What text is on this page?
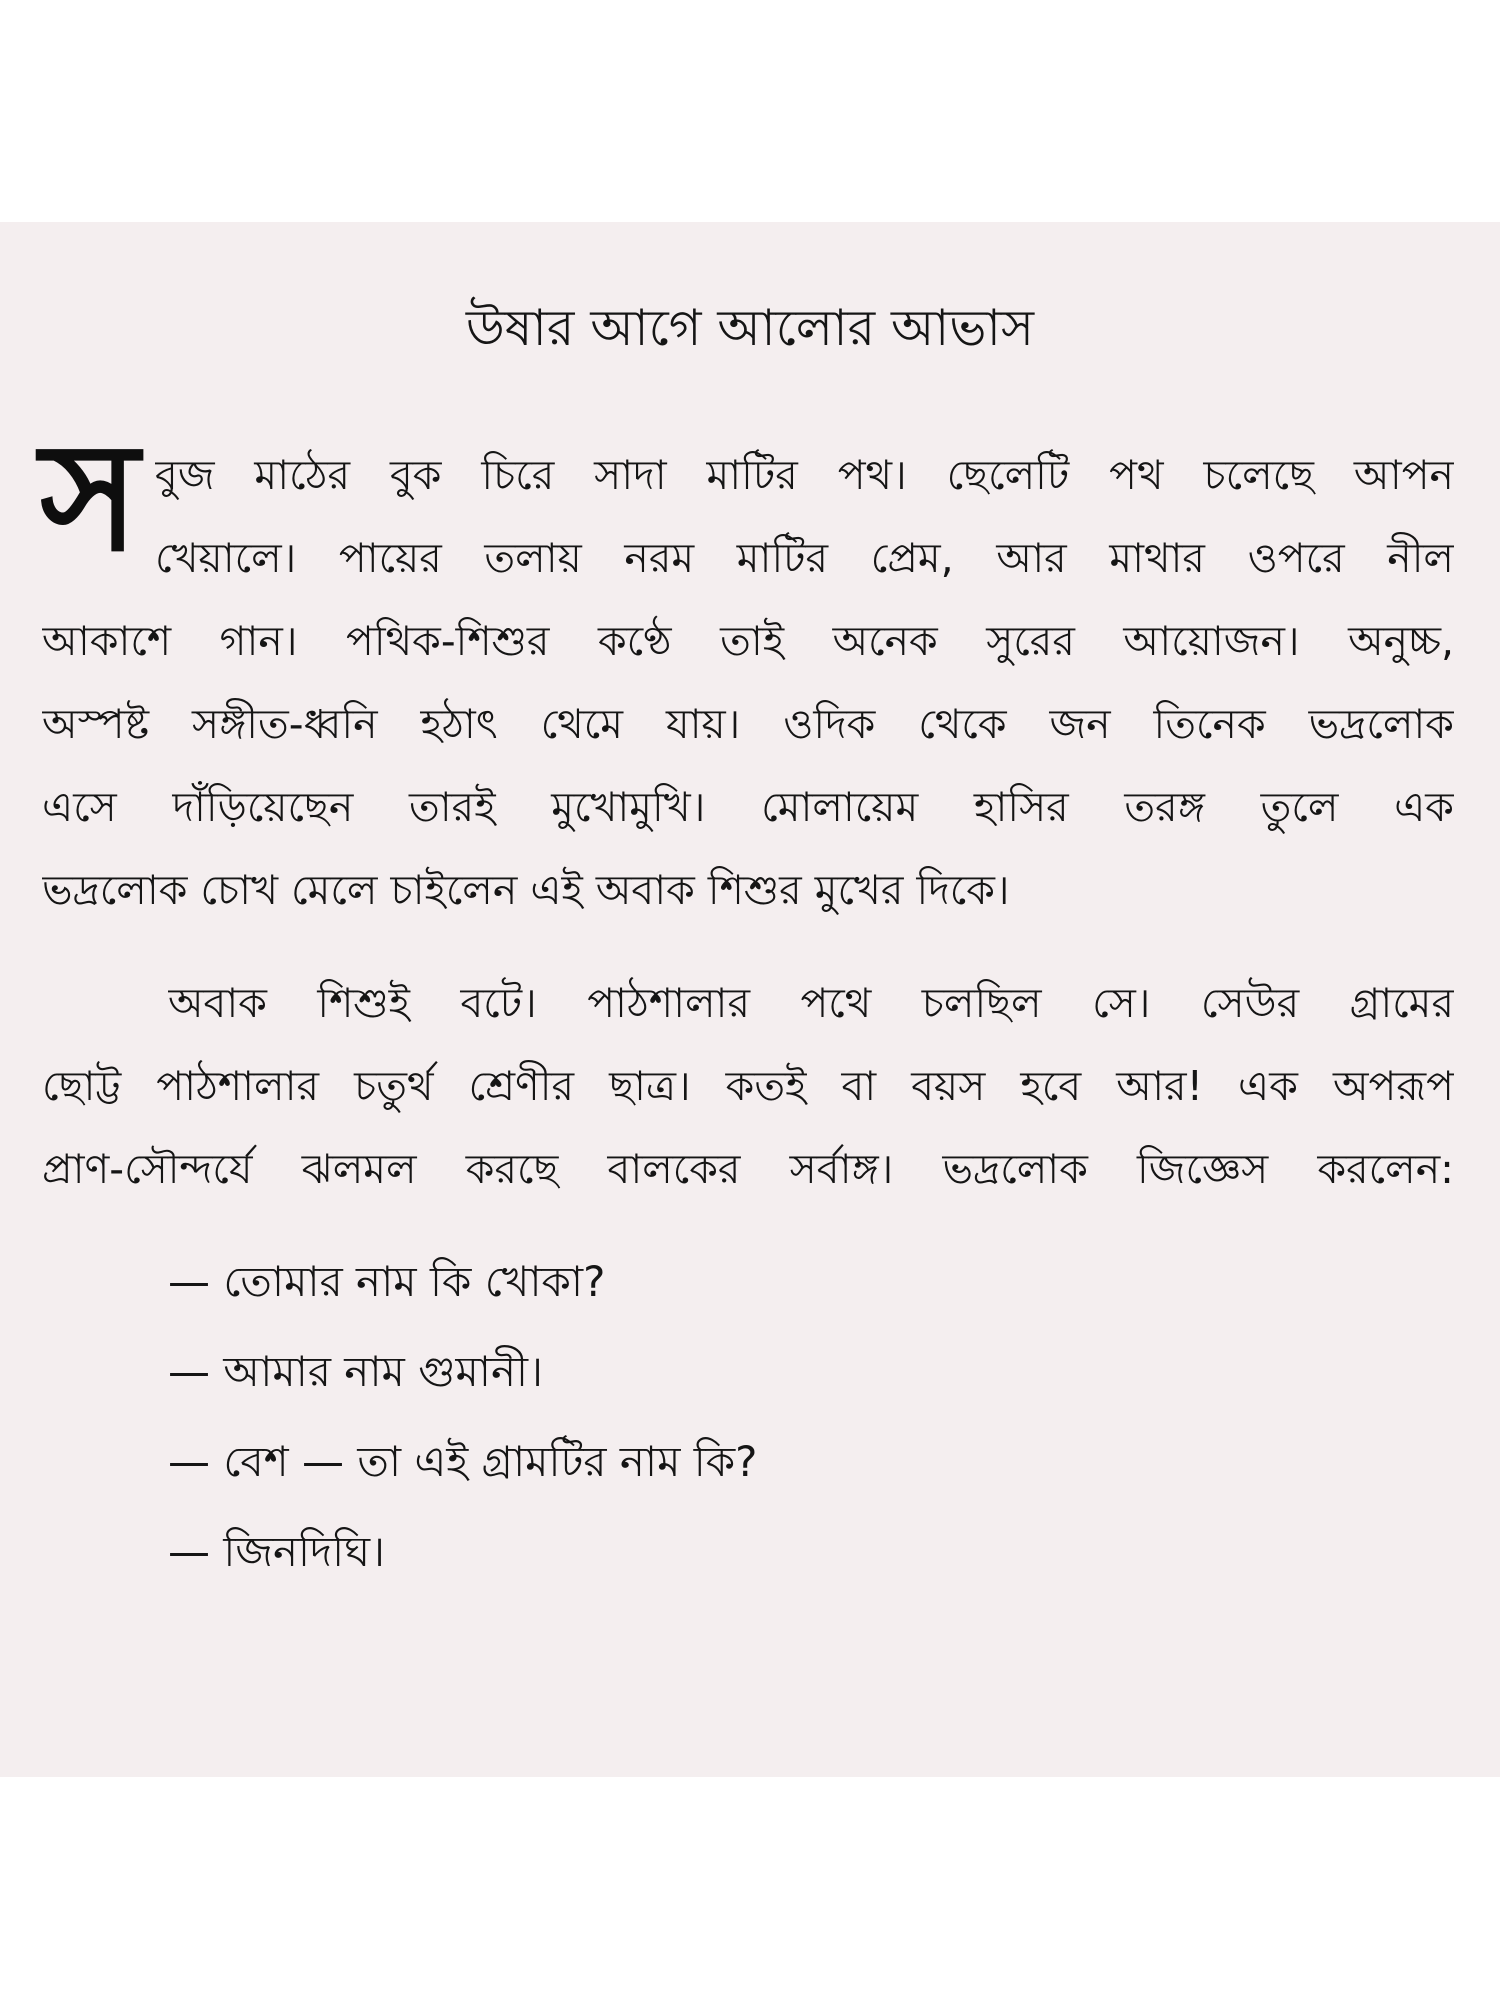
উষার আগে আলোর আভাস
স বুজ মাঠের বুক চিরে সাদা মাটির পথ। ছেলেটি পথ চলেছে আপন
খেয়ালে। পায়ের তলায় নরম মাটির প্রেম, আর মাথার ওপরে নীল
আকাশে গান। পথিক-শিশুর কণ্ঠে তাই অনেক সুরের আয়োজন। অনুচ্চ,
অস্পষ্ট সঙ্গীত-ধ্বনি হঠাৎ থেমে যায়। ওদিক থেকে জন তিনেক ভদ্রলোক
এসে দাঁড়িয়েছেন তারই মুখোমুখি। মোলায়েম হাসির তরঙ্গ তুলে এক
ভদ্রলোক চোখ মেলে চাইলেন এই অবাক শিশুর মুখের দিকে।
অবাক শিশুই বটে। পাঠশালার পথে চলছিল সে। সেউর গ্রামের
ছোট্ট পাঠশালার চতুর্থ শ্রেণীর ছাত্র। কতই বা বয়স হবে আর! এক অপরূপ
প্রাণ-সৌন্দর্যে ঝলমল করছে বালকের সর্বাঙ্গ। ভদ্রলোক জিজ্ঞেস করলেন:
— তোমার নাম কি খোকা?
— আমার নাম গুমানী।
— বেশ — তা এই গ্রামটির নাম কি?
— জিনদিঘি।
